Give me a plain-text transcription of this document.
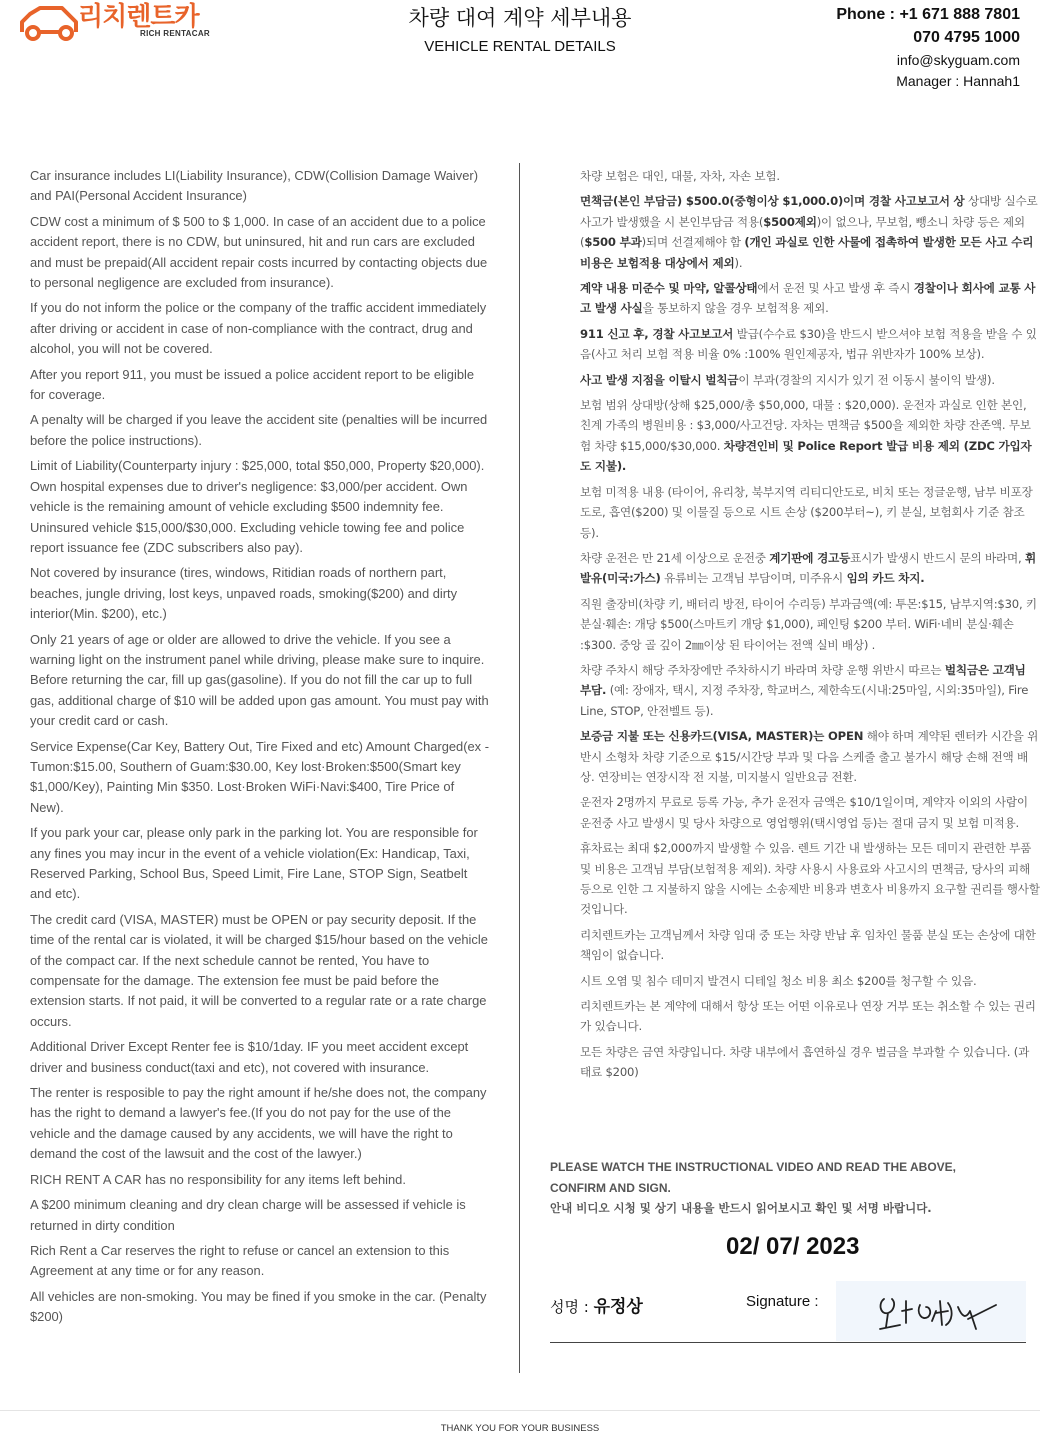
리치렌트카
RICH RENTACAR
차량 대여 계약 세부내용
VEHICLE RENTAL DETAILS
Phone : +1 671 888 7801
070 4795 1000
info@skyguam.com
Manager : Hannah1

Car insurance includes LI(Liability Insurance), CDW(Collision Damage Waiver) and PAI(Personal Accident Insurance)

CDW cost a minimum of $ 500 to $ 1,000. In case of an accident due to a police accident report, there is no CDW, but uninsured, hit and run cars are excluded and must be prepaid(All accident repair costs incurred by contacting objects due to personal negligence are excluded from insurance).

If you do not inform the police or the company of the traffic accident immediately after driving or accident in case of non-compliance with the contract, drug and alcohol, you will not be covered.

After you report 911, you must be issued a police accident report to be eligible for coverage.

A penalty will be charged if you leave the accident site (penalties will be incurred before the police instructions).

Limit of Liability(Counterparty injury : $25,000, total $50,000, Property $20,000). Own hospital expenses due to driver's negligence: $3,000/per accident. Own vehicle is the remaining amount of vehicle excluding $500 indemnity fee. Uninsured vehicle $15,000/$30,000. Excluding vehicle towing fee and police report issuance fee (ZDC subscribers also pay).

Not covered by insurance (tires, windows, Ritidian roads of northern part, beaches, jungle driving, lost keys, unpaved roads, smoking($200) and dirty interior(Min. $200), etc.)

Only 21 years of age or older are allowed to drive the vehicle. If you see a warning light on the instrument panel while driving, please make sure to inquire. Before returning the car, fill up gas(gasoline). If you do not fill the car up to full gas, additional charge of $10 will be added upon gas amount. You must pay with your credit card or cash.

Service Expense(Car Key, Battery Out, Tire Fixed and etc) Amount Charged(ex - Tumon:$15.00, Southern of Guam:$30.00, Key lost·Broken:$500(Smart key $1,000/Key), Painting Min $350. Lost·Broken WiFi·Navi:$400, Tire Price of New).

If you park your car, please only park in the parking lot. You are responsible for any fines you may incur in the event of a vehicle violation(Ex: Handicap, Taxi, Reserved Parking, School Bus, Speed Limit, Fire Lane, STOP Sign, Seatbelt and etc).

The credit card (VISA, MASTER) must be OPEN or pay security deposit. If the time of the rental car is violated, it will be charged $15/hour based on the vehicle of the compact car. If the next schedule cannot be rented, You have to compensate for the damage. The extension fee must be paid before the extension starts. If not paid, it will be converted to a regular rate or a rate charge occurs.

Additional Driver Except Renter fee is $10/1day. IF you meet accident except driver and business conduct(taxi and etc), not covered with insurance.

The renter is resposible to pay the right amount if he/she does not, the company has the right to demand a lawyer's fee.(If you do not pay for the use of the vehicle and the damage caused by any accidents, we will have the right to demand the cost of the lawsuit and the cost of the lawyer.)

RICH RENT A CAR has no responsibility for any items left behind.

A $200 minimum cleaning and dry clean charge will be assessed if vehicle is returned in dirty condition

Rich Rent a Car reserves the right to refuse or cancel an extension to this Agreement at any time or for any reason.

All vehicles are non-smoking. You may be fined if you smoke in the car. (Penalty $200)

차량 보험은 대인, 대물, 자차, 자손 보험.

면책금(본인 부담금) $500.0(중형이상 $1,000.0)이며 경찰 사고보고서 상 상대방 실수로 사고가 발생했을 시 본인부담금 적용($500제외)이 없으나, 무보험, 뺑소니 차량 등은 제외($500 부과)되며 선결제해야 함 (개인 과실로 인한 사물에 접촉하여 발생한 모든 사고 수리비용은 보험적용 대상에서 제외).

계약 내용 미준수 및 마약, 알콜상태에서 운전 및 사고 발생 후 즉시 경찰이나 회사에 교통 사고 발생 사실을 통보하지 않을 경우 보험적용 제외.

911 신고 후, 경찰 사고보고서 발급(수수료 $30)을 반드시 받으셔야 보험 적용을 받을 수 있음(사고 처리 보험 적용 비율 0% :100% 원인제공자, 법규 위반자가 100% 보상).

사고 발생 지점을 이탈시 벌칙금이 부과(경찰의 지시가 있기 전 이동시 불이익 발생).

보험 범위 상대방(상해 $25,000/총 $50,000, 대물 : $20,000). 운전자 과실로 인한 본인, 친계 가족의 병원비용 : $3,000/사고건당. 자차는 면책금 $500을 제외한 차량 잔존액. 무보험 차량 $15,000/$30,000. 차량견인비 및 Police Report 발급 비용 제외 (ZDC 가입자도 지불).

보험 미적용 내용 (타이어, 유리창, 북부지역 리티디안도로, 비치 또는 정글운행, 남부 비포장도로, 흡연($200) 및 이물질 등으로 시트 손상 ($200부터~), 키 분실, 보험회사 기준 참조 등).

차량 운전은 만 21세 이상으로 운전중 계기판에 경고등표시가 발생시 반드시 문의 바라며, 휘발유(미국:가스) 유류비는 고객님 부담이며, 미주유시 임의 카드 차지.

직원 출장비(차량 키, 배터리 방전, 타이어 수리등) 부과금액(예: 투몬:$15, 남부지역:$30, 키분실·훼손: 개당 $500(스마트키 개당 $1,000), 페인팅 $200 부터. WiFi·네비 분실·훼손 :$300. 중앙 골 깊이 2㎜이상 된 타이어는 전액 실비 배상) .

차량 주차시 해당 주차장에만 주차하시기 바라며 차량 운행 위반시 따르는 벌칙금은 고객님 부담. (예: 장애자, 택시, 지정 주차장, 학교버스, 제한속도(시내:25마일, 시외:35마일), Fire Line, STOP, 안전벨트 등).

보증금 지불 또는 신용카드(VISA, MASTER)는 OPEN 해야 하며 계약된 렌터카 시간을 위반시 소형차 차량 기준으로 $15/시간당 부과 및 다음 스케줄 출고 불가시 해당 손해 전액 배상. 연장비는 연장시작 전 지불, 미지불시 일반요금 전환.

운전자 2명까지 무료로 등록 가능, 추가 운전자 금액은 $10/1일이며, 계약자 이외의 사람이 운전중 사고 발생시 및 당사 차량으로 영업행위(택시영업 등)는 절대 금지 및 보험 미적용.

휴차료는 최대 $2,000까지 발생할 수 있음. 렌트 기간 내 발생하는 모든 데미지 관련한 부품 및 비용은 고객님 부담(보험적용 제외). 차량 사용시 사용료와 사고시의 면책금, 당사의 피해 등으로 인한 그 지불하지 않을 시에는 소송제반 비용과 변호사 비용까지 요구할 권리를 행사할 것입니다.

리치렌트카는 고객님께서 차량 임대 중 또는 차량 반납 후 임차인 물품 분실 또는 손상에 대한 책임이 없습니다.

시트 오염 및 침수 데미지 발견시 디테일 청소 비용 최소 $200를 청구할 수 있음.

리치렌트카는 본 계약에 대해서 항상 또는 어떤 이유로나 연장 거부 또는 취소할 수 있는 권리가 있습니다.

모든 차량은 금연 차량입니다. 차량 내부에서 흡연하실 경우 벌금을 부과할 수 있습니다. (과태료 $200)

PLEASE WATCH THE INSTRUCTIONAL VIDEO AND READ THE ABOVE, CONFIRM AND SIGN.
안내 비디오 시청 및 상기 내용을 반드시 읽어보시고 확인 및 서명 바랍니다.
02/ 07/ 2023
성명 : 유정상	Signature :
THANK YOU FOR YOUR BUSINESS
